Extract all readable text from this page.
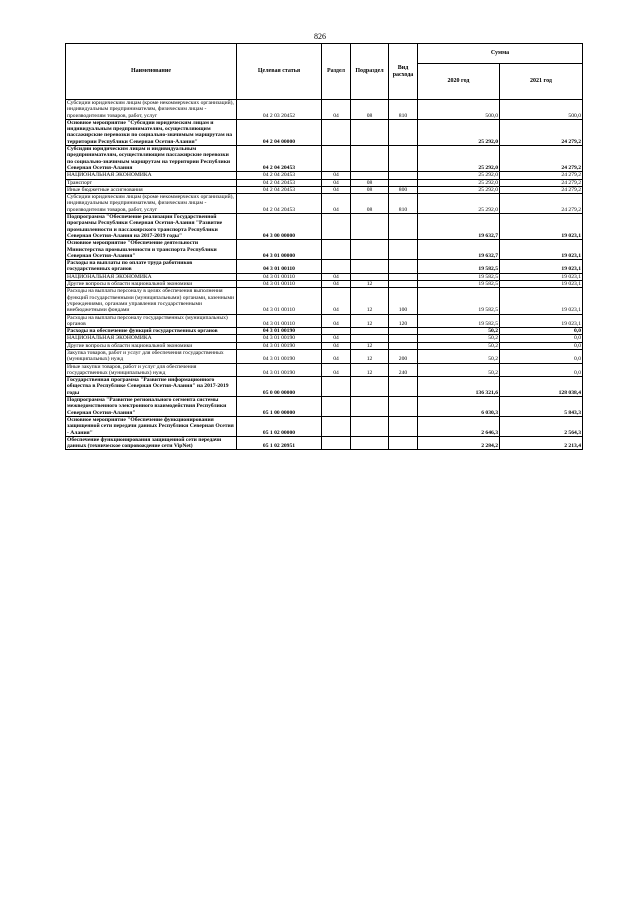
826
Наименование	Целевая статья	Раздел	Подраздел	Вид расхода	Сумма	
					2020 год	2021 год
Субсидии юридическим лицам (кроме некоммерческих организаций), индивидуальным предпринимателям, физическим лицам - производителям товаров, работ, услуг	04 2 03 20452	04	08	810	500,0	500,0
Основное мероприятие "Субсидии юридическим лицам и индивидуальным предпринимателям, осуществляющим пассажирские перевозки по социально-значимым маршрутам на территории Республики Северная Осетия-Алания"	04 2 04 00000				25 292,0	24 279,2
Субсидии юридическим лицам и индивидуальным предпринимателям, осуществляющим пассажирские перевозки по социально-значимым маршрутам на территории Республики Северная Осетия-Алания	04 2 04 20453				25 292,0	24 279,2
НАЦИОНАЛЬНАЯ ЭКОНОМИКА	04 2 04 20453	04			25 292,0	24 279,2
Транспорт	04 2 04 20453	04	08		25 292,0	24 279,2
Иные бюджетные ассигнования	04 2 04 20453	04	08	800	25 292,0	24 279,2
Субсидии юридическим лицам (кроме некоммерческих организаций), индивидуальным предпринимателям, физическим лицам - производителям товаров, работ, услуг	04 2 04 20453	04	08	810	25 292,0	24 279,2
Подпрограмма "Обеспечение реализации Государственной программы Республики Северная Осетия-Алания "Развитие промышленности и пассажирского транспорта Республики Северная Осетия-Алания на 2017-2019 годы"	04 3 00 00000				19 632,7	19 023,1
Основное мероприятие "Обеспечение деятельности Министерства промышленности и транспорта Республики Северная Осетия-Алания"	04 3 01 00000				19 632,7	19 023,1
Расходы на выплаты по оплате труда работников государственных органов	04 3 01 00110				19 582,5	19 023,1
НАЦИОНАЛЬНАЯ ЭКОНОМИКА	04 3 01 00110	04			19 582,5	19 023,1
Другие вопросы в области национальной экономики	04 3 01 00110	04	12		19 582,5	19 023,1
Расходы на выплаты персоналу в целях обеспечения выполнения функций государственными (муниципальными) органами, казенными учреждениями, органами управления государственными внебюджетными фондами	04 3 01 00110	04	12	100	19 582,5	19 023,1
Расходы на выплаты персоналу государственных (муниципальных) органов	04 3 01 00110	04	12	120	19 582,5	19 023,1
Расходы на обеспечение функций государственных органов	04 3 01 00190				50,2	0,0
НАЦИОНАЛЬНАЯ ЭКОНОМИКА	04 3 01 00190	04			50,2	0,0
Другие вопросы в области национальной экономики	04 3 01 00190	04	12		50,2	0,0
Закупка товаров, работ и услуг для обеспечения государственных (муниципальных) нужд	04 3 01 00190	04	12	200	50,2	0,0
Иные закупки товаров, работ и услуг для обеспечения государственных (муниципальных) нужд	04 3 01 00190	04	12	240	50,2	0,0
Государственная программа "Развитие информационного общества в Республике Северная Осетия-Алания" на 2017-2019 годы	05 0 00 00000				136 321,6	128 038,4
Подпрограмма "Развитие регионального сегмента системы межведомственного электронного взаимодействия Республики Северная Осетия-Алания"	05 1 00 00000				6 030,3	5 843,3
Основное мероприятие "Обеспечение функционирования защищенной сети передачи данных Республики Северная Осетия - Алания"	05 1 02 00000				2 646,3	2 564,3
Обеспечение функционирования защищенной сети передачи данных (техническое сопровождение сети VipNet)	05 1 02 20951				2 284,2	2 213,4
